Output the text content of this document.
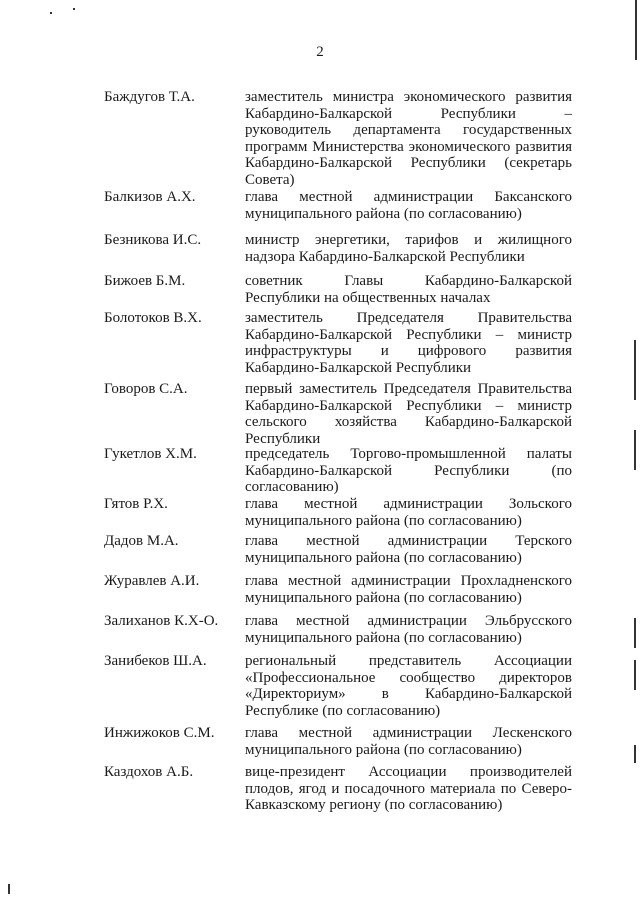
2
Баждугов Т.А.	заместитель министра экономического развития Кабардино-Балкарской Республики – руководитель департамента государственных программ Министерства экономического развития Кабардино-Балкарской Республики (секретарь Совета)
Балкизов А.Х.	глава местной администрации Баксанского муниципального района (по согласованию)
Безникова И.С.	министр энергетики, тарифов и жилищного надзора Кабардино-Балкарской Республики
Бижоев Б.М.	советник Главы Кабардино-Балкарской Республики на общественных началах
Болотоков В.Х.	заместитель Председателя Правительства Кабардино-Балкарской Республики – министр инфраструктуры и цифрового развития Кабардино-Балкарской Республики
Говоров С.А.	первый заместитель Председателя Правительства Кабардино-Балкарской Республики – министр сельского хозяйства Кабардино-Балкарской Республики
Гукетлов Х.М.	председатель Торгово-промышленной палаты Кабардино-Балкарской Республики (по согласованию)
Гятов Р.Х.	глава местной администрации Зольского муниципального района (по согласованию)
Дадов М.А.	глава местной администрации Терского муниципального района (по согласованию)
Журавлев А.И.	глава местной администрации Прохладненского муниципального района (по согласованию)
Залиханов К.Х-О. глава местной администрации Эльбрусского муниципального района (по согласованию)
Занибеков Ш.А.	региональный представитель Ассоциации «Профессиональное сообщество директоров «Директориум» в Кабардино-Балкарской Республике (по согласованию)
Инжижоков С.М. глава местной администрации Лескенского муниципального района (по согласованию)
Каздохов А.Б.	вице-президент Ассоциации производителей плодов, ягод и посадочного материала по Северо-Кавказскому региону (по согласованию)
